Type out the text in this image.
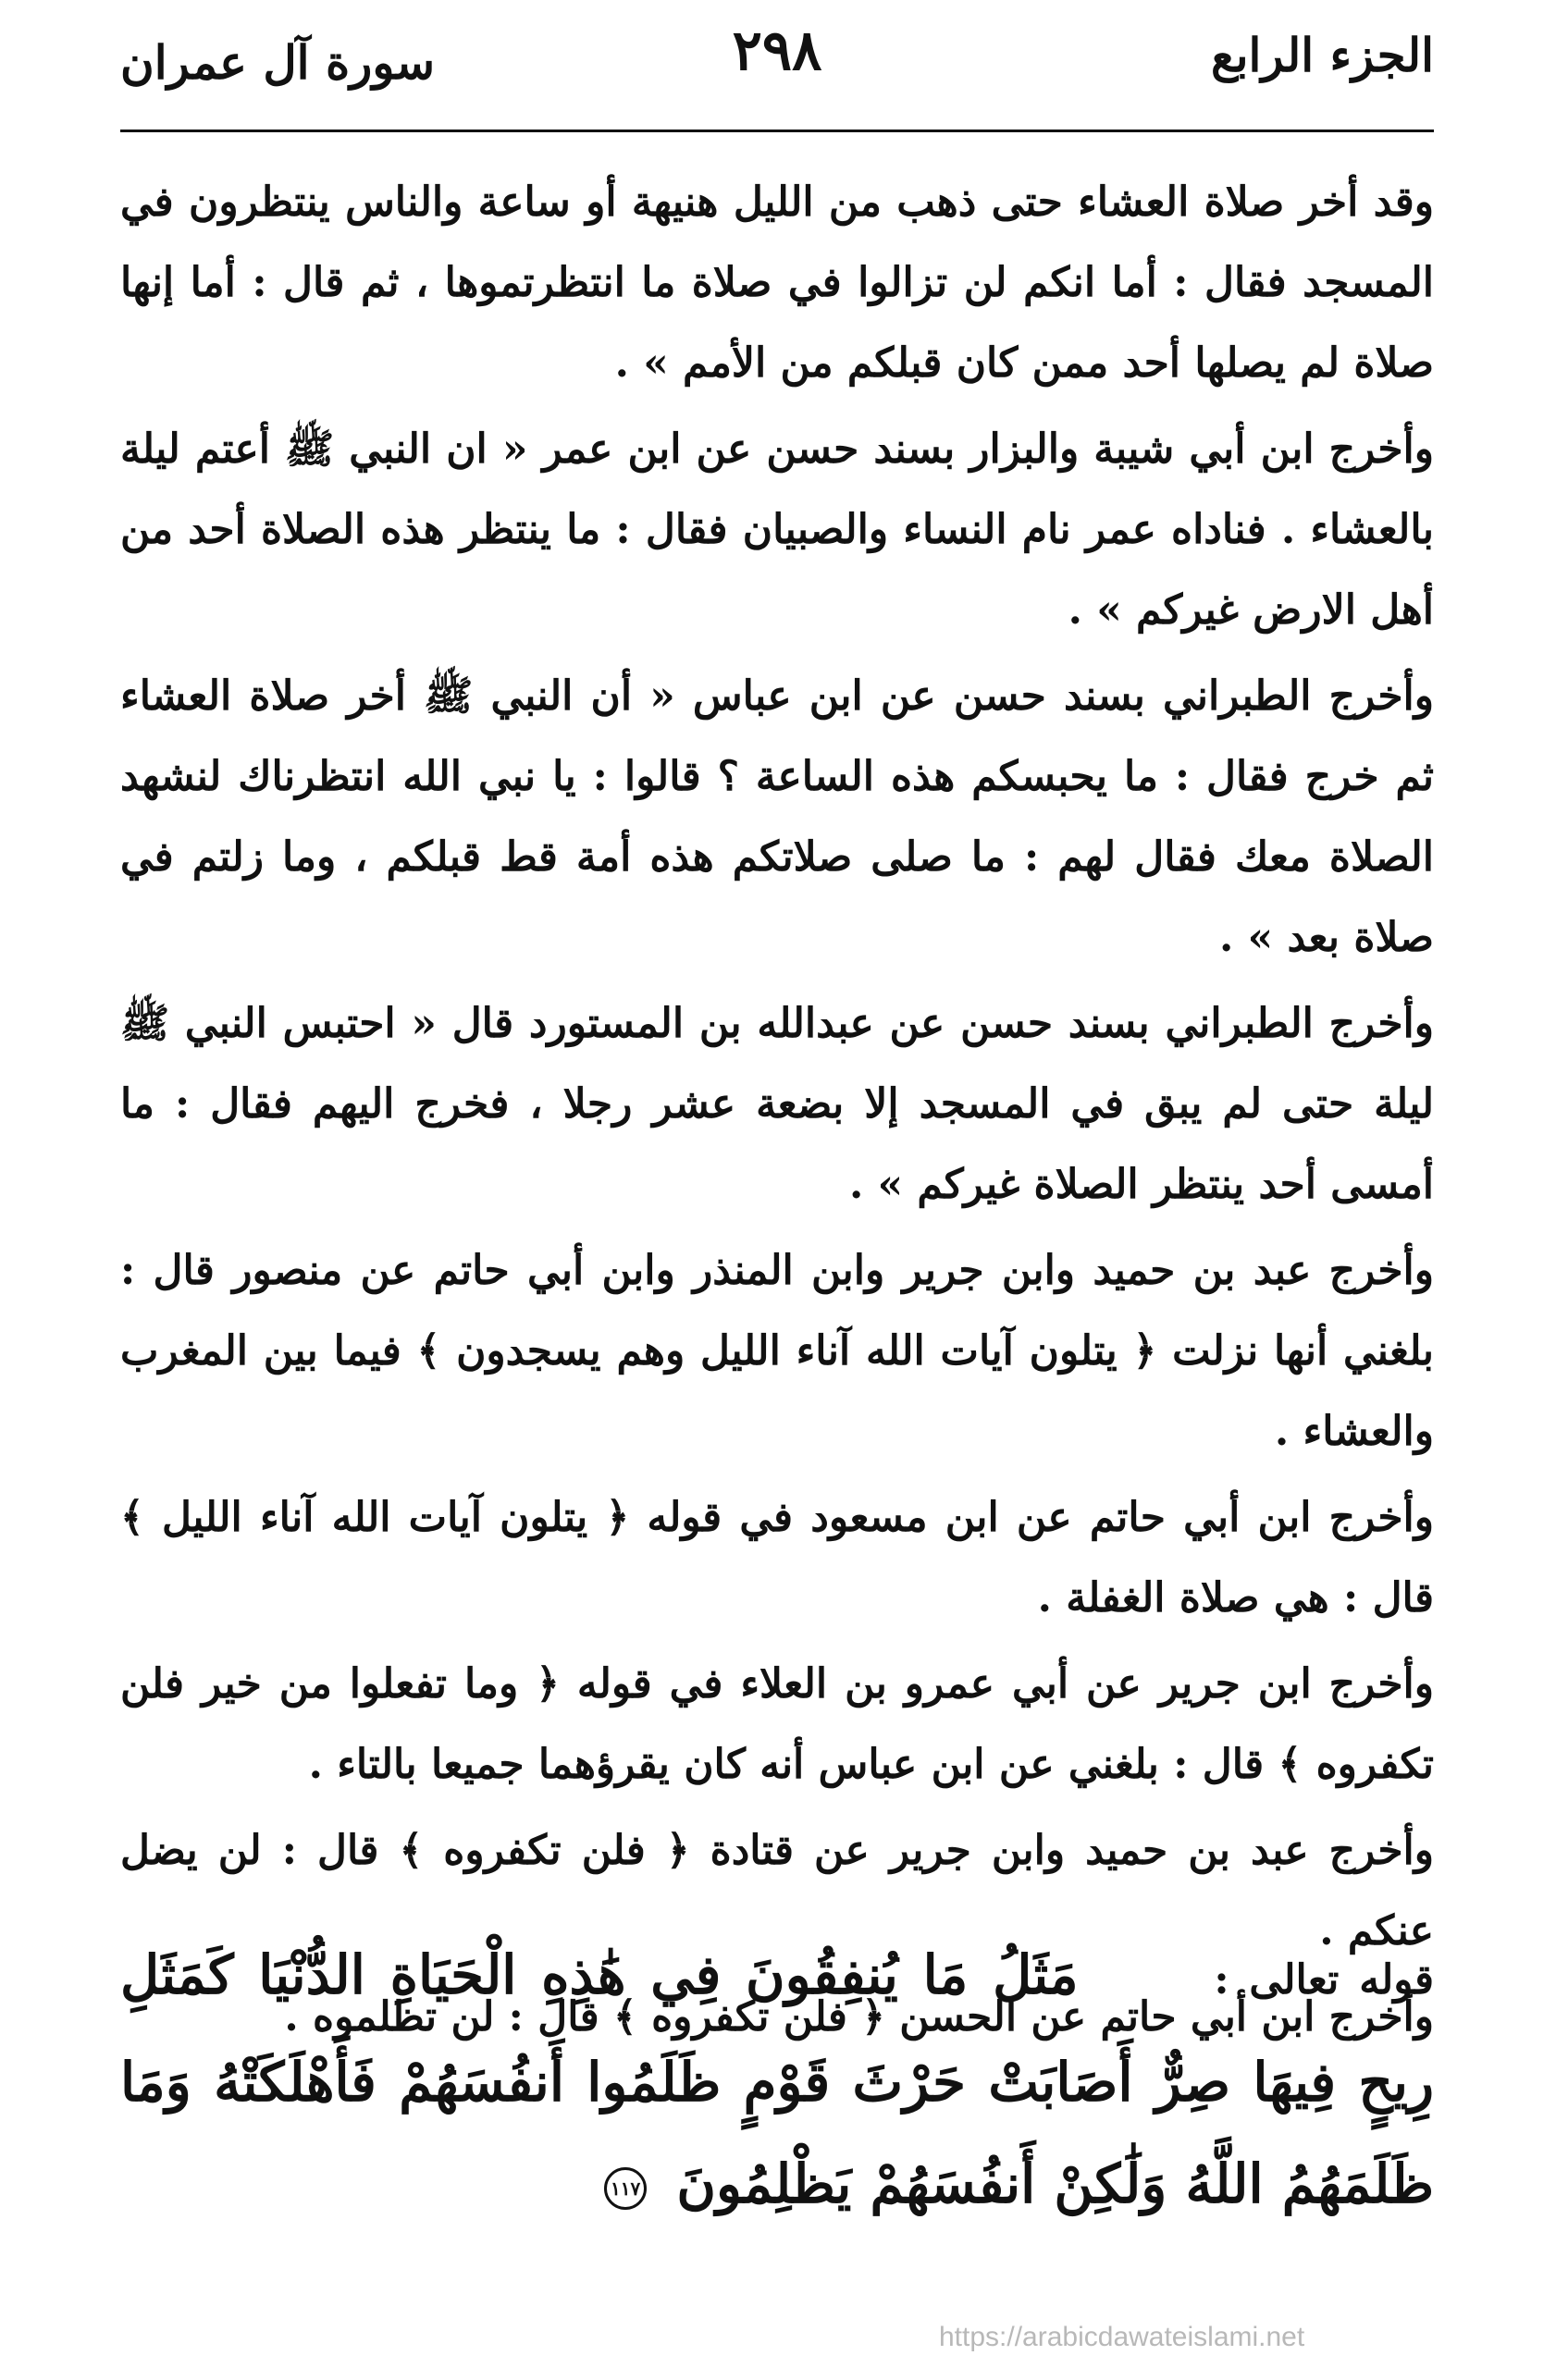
الجزء الرابع
٢٩٨
سورة آل عمران

وقد أخر صلاة العشاء حتى ذهب من الليل هنيهة أو ساعة والناس ينتظرون في المسجد فقال : أما انكم لن تزالوا في صلاة ما انتظرتموها ، ثم قال : أما إنها صلاة لم يصلها أحد ممن كان قبلكم من الأمم » .

وأخرج ابن أبي شيبة والبزار بسند حسن عن ابن عمر « ان النبي ﷺ أعتم ليلة بالعشاء . فناداه عمر نام النساء والصبيان فقال : ما ينتظر هذه الصلاة أحد من أهل الارض غيركم » .

وأخرج الطبراني بسند حسن عن ابن عباس « أن النبي ﷺ أخر صلاة العشاء ثم خرج فقال : ما يحبسكم هذه الساعة ؟ قالوا : يا نبي الله انتظرناك لنشهد الصلاة معك فقال لهم : ما صلى صلاتكم هذه أمة قط قبلكم ، وما زلتم في صلاة بعد » .

وأخرج الطبراني بسند حسن عن عبدالله بن المستورد قال « احتبس النبي ﷺ ليلة حتى لم يبق في المسجد إلا بضعة عشر رجلا ، فخرج اليهم فقال : ما أمسى أحد ينتظر الصلاة غيركم » .

وأخرج عبد بن حميد وابن جرير وابن المنذر وابن أبي حاتم عن منصور قال : بلغني أنها نزلت ﴿ يتلون آيات الله آناء الليل وهم يسجدون ﴾ فيما بين المغرب والعشاء .

وأخرج ابن أبي حاتم عن ابن مسعود في قوله ﴿ يتلون آيات الله آناء الليل ﴾ قال : هي صلاة الغفلة .

وأخرج ابن جرير عن أبي عمرو بن العلاء في قوله ﴿ وما تفعلوا من خير فلن تكفروه ﴾ قال : بلغني عن ابن عباس أنه كان يقرؤهما جميعا بالتاء .

وأخرج عبد بن حميد وابن جرير عن قتادة ﴿ فلن تكفروه ﴾ قال : لن يضل عنكم .

وأخرج ابن أبي حاتم عن الحسن ﴿ فلن تكفروه ﴾ قال : لن تظلموه .

قوله تعالى : مَثَلُ مَا يُنفِقُونَ فِي هَٰذِهِ الْحَيَاةِ الدُّنْيَا كَمَثَلِ رِيحٍ فِيهَا صِرٌّ أَصَابَتْ حَرْثَ قَوْمٍ ظَلَمُوا أَنفُسَهُمْ فَأَهْلَكَتْهُ وَمَا ظَلَمَهُمُ اللَّهُ وَلَٰكِنْ أَنفُسَهُمْ يَظْلِمُونَ ١١٧
https://arabicdawateislami.net
